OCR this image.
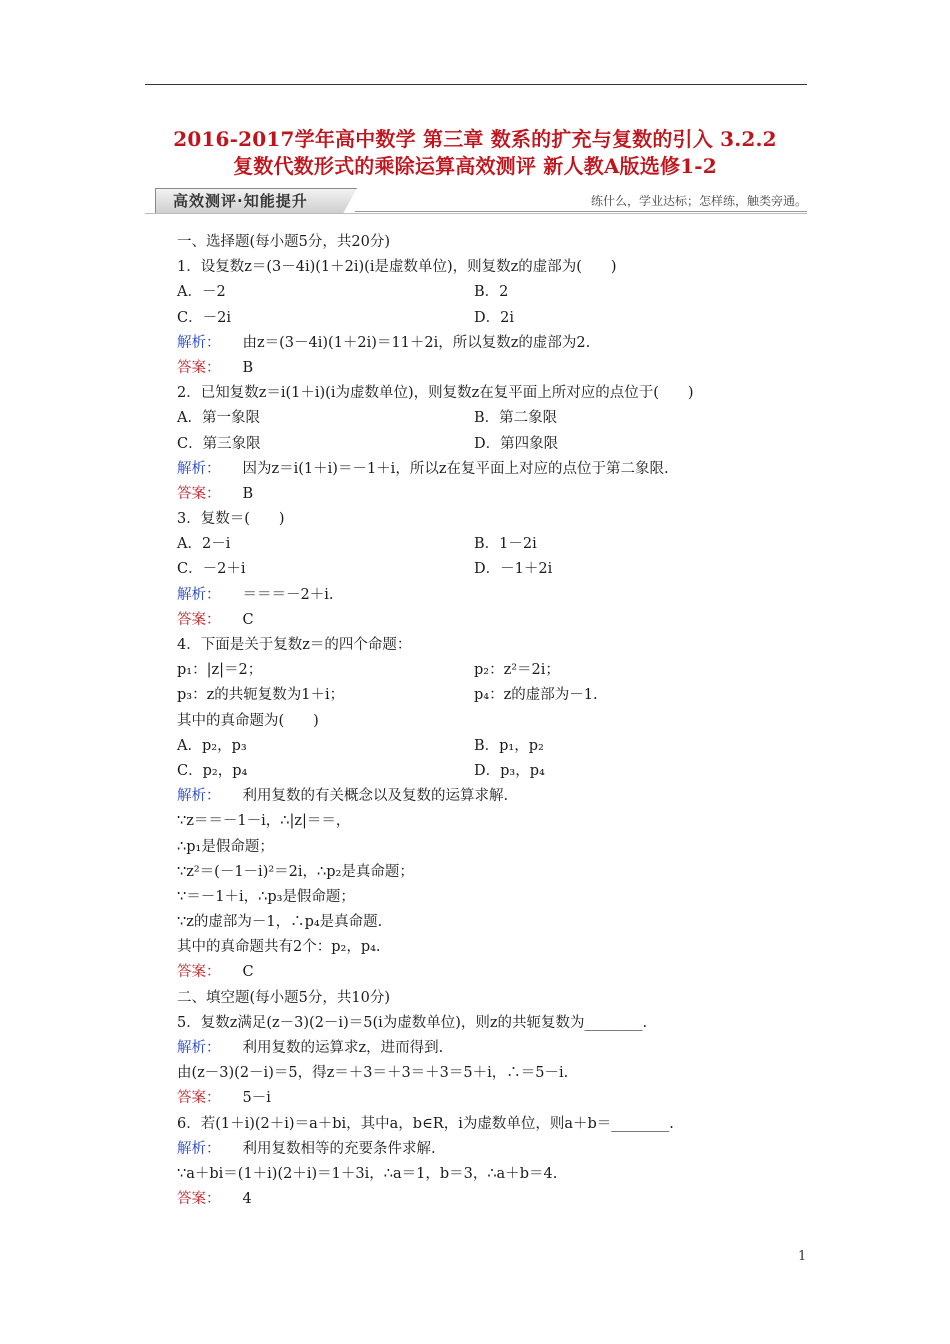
2016-2017学年高中数学 第三章 数系的扩充与复数的引入 3.2.2
复数代数形式的乘除运算高效测评 新人教A版选修1-2
高效测评·知能提升	练什么，学业达标；怎样练，触类旁通。
一、选择题(每小题5分，共20分)
1．设复数z＝(3－4i)(1＋2i)(i是虚数单位)，则复数z的虚部为(　　)
A．－2	B．2
C．－2i	D．2i
解析： 由z＝(3－4i)(1＋2i)＝11＋2i，所以复数z的虚部为2.
答案： B
2．已知复数z＝i(1＋i)(i为虚数单位)，则复数z在复平面上所对应的点位于(　　)
A．第一象限	B．第二象限
C．第三象限	D．第四象限
解析： 因为z＝i(1＋i)＝－1＋i，所以z在复平面上对应的点位于第二象限.
答案： B
3．复数＝(　　)
A．2－i	B．1－2i
C．－2＋i	D．－1＋2i
解析： ＝＝＝－2＋i.
答案： C
4．下面是关于复数z＝的四个命题：
p₁：|z|＝2；	p₂：z²＝2i；
p₃：z的共轭复数为1＋i；	p₄：z的虚部为－1.
其中的真命题为(　　)
A．p₂，p₃	B．p₁，p₂
C．p₂，p₄	D．p₃，p₄
解析： 利用复数的有关概念以及复数的运算求解.
∵z＝＝－1－i，∴|z|＝＝，
∴p₁是假命题；
∵z²＝(－1－i)²＝2i，∴p₂是真命题；
∵＝－1＋i，∴p₃是假命题；
∵z的虚部为－1，∴p₄是真命题.
其中的真命题共有2个：p₂，p₄.
答案： C
二、填空题(每小题5分，共10分)
5．复数z满足(z－3)(2－i)＝5(i为虚数单位)，则z的共轭复数为________.
解析： 利用复数的运算求z，进而得到.
由(z－3)(2－i)＝5，得z＝＋3＝＋3＝＋3＝5＋i，∴＝5－i.
答案： 5－i
6．若(1＋i)(2＋i)＝a＋bi，其中a，b∈R，i为虚数单位，则a＋b＝________.
解析： 利用复数相等的充要条件求解.
∵a＋bi＝(1＋i)(2＋i)＝1＋3i，∴a＝1，b＝3，∴a＋b＝4.
答案： 4
1
